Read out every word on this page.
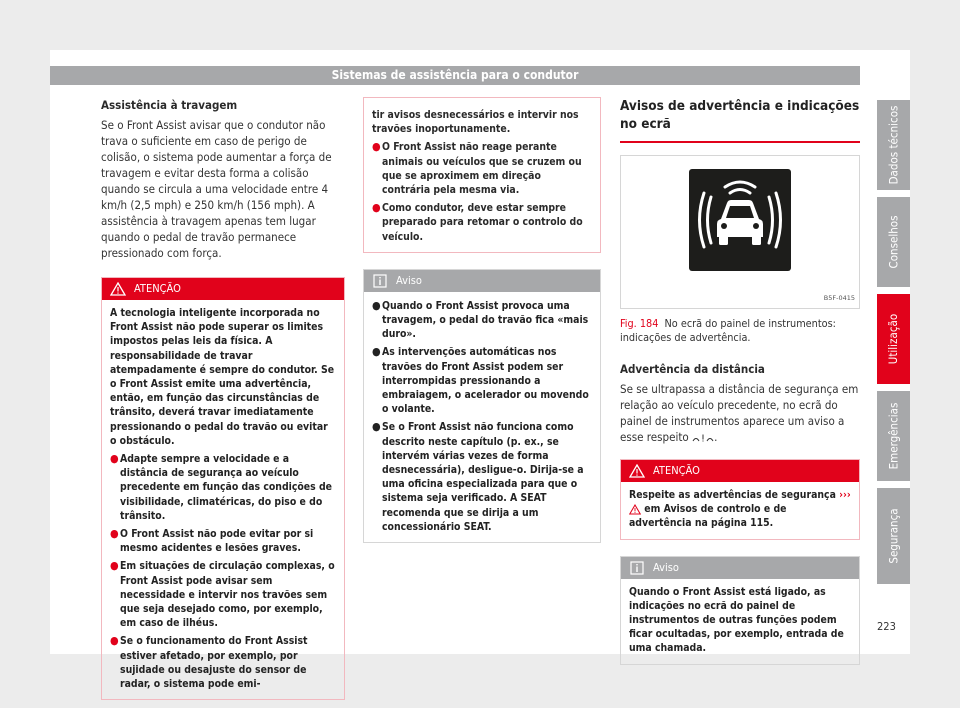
Sistemas de assistência para o condutor

Assistência à travagem

Se o Front Assist avisar que o condutor não trava o suficiente em caso de perigo de colisão, o sistema pode aumentar a força de travagem e evitar desta forma a colisão quando se circula a uma velocidade entre 4 km/h (2,5 mph) e 250 km/h (156 mph). A assistência à travagem apenas tem lugar quando o pedal de travão permanece pressionado com força.

ATENÇÃO
A tecnologia inteligente incorporada no Front Assist não pode superar os limites impostos pelas leis da física. A responsabilidade de travar atempadamente é sempre do condutor. Se o Front Assist emite uma advertência, então, em função das circunstâncias de trânsito, deverá travar imediatamente pressionando o pedal do travão ou evitar o obstáculo.
● Adapte sempre a velocidade e a distância de segurança ao veículo precedente em função das condições de visibilidade, climatéricas, do piso e do trânsito.
● O Front Assist não pode evitar por si mesmo acidentes e lesões graves.
● Em situações de circulação complexas, o Front Assist pode avisar sem necessidade e intervir nos travões sem que seja desejado como, por exemplo, em caso de ilhéus.
● Se o funcionamento do Front Assist estiver afetado, por exemplo, por sujidade ou desajuste do sensor de radar, o sistema pode emi-
tir avisos desnecessários e intervir nos travões inoportunamente.
● O Front Assist não reage perante animais ou veículos que se cruzem ou que se aproximem em direção contrária pela mesma via.
● Como condutor, deve estar sempre preparado para retomar o controlo do veículo.
Aviso
● Quando o Front Assist provoca uma travagem, o pedal do travão fica «mais duro».
● As intervenções automáticas nos travões do Front Assist podem ser interrompidas pressionando a embraiagem, o acelerador ou movendo o volante.
● Se o Front Assist não funciona como descrito neste capítulo (p. ex., se intervém várias vezes de forma desnecessária), desligue-o. Dirija-se a uma oficina especializada para que o sistema seja verificado. A SEAT recomenda que se dirija a um concessionário SEAT.
Avisos de advertência e indicações no ecrã
B5F-0415
Fig. 184 No ecrã do painel de instrumentos: indicações de advertência.

Advertência da distância

Se se ultrapassa a distância de segurança em relação ao veículo precedente, no ecrã do painel de instrumentos aparece um aviso a esse respeito .

ATENÇÃO
Respeite as advertências de segurança ›››  em Avisos de controlo e de advertência na página 115.
Aviso
Quando o Front Assist está ligado, as indicações no ecrã do painel de instrumentos de outras funções podem ficar ocultadas, por exemplo, entrada de uma chamada.
Dados técnicos
Conselhos
Utilização
Emergências
Segurança
223
